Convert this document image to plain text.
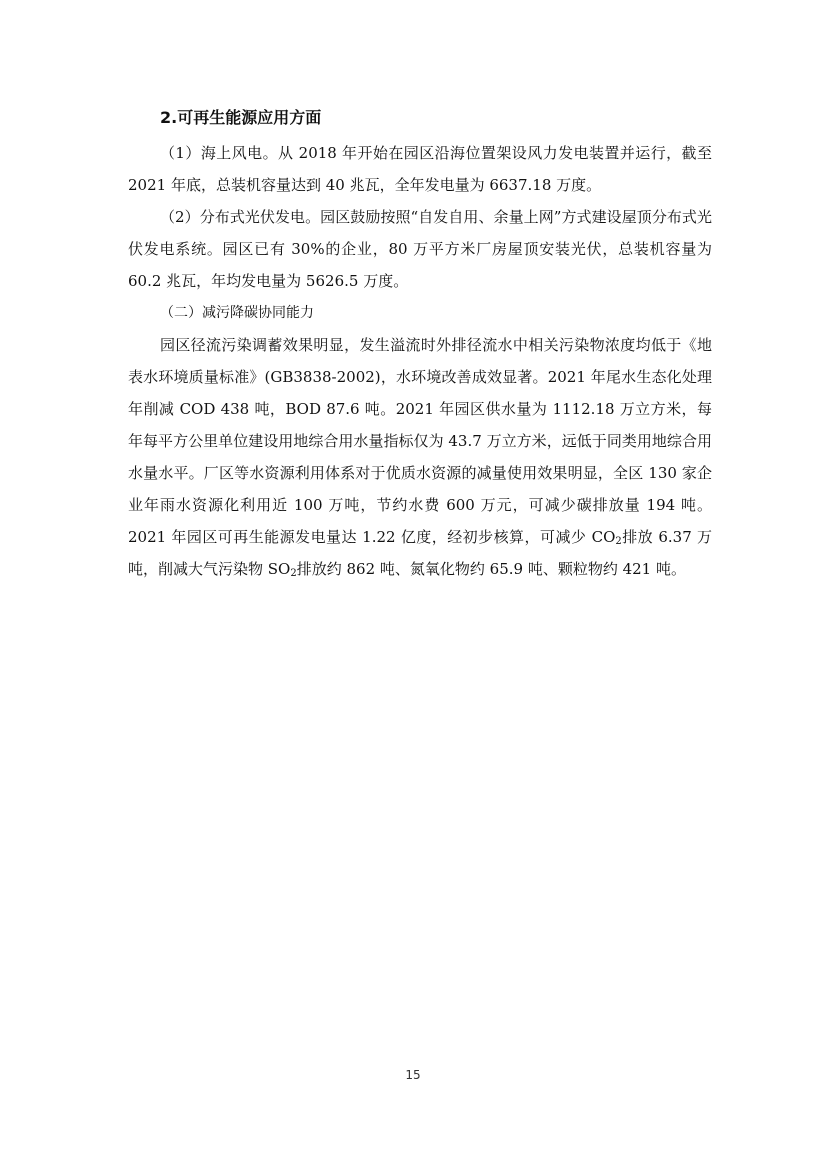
2.可再生能源应用方面

（1）海上风电。从 2018 年开始在园区沿海位置架设风力发电装置并运行，截至 2021 年底，总装机容量达到 40 兆瓦，全年发电量为 6637.18 万度。

（2）分布式光伏发电。园区鼓励按照“自发自用、余量上网”方式建设屋顶分布式光伏发电系统。园区已有 30%的企业，80 万平方米厂房屋顶安装光伏，总装机容量为 60.2 兆瓦，年均发电量为 5626.5 万度。

（二）减污降碳协同能力

园区径流污染调蓄效果明显，发生溢流时外排径流水中相关污染物浓度均低于《地表水环境质量标准》(GB3838-2002)，水环境改善成效显著。2021 年尾水生态化处理年削减 COD 438 吨，BOD 87.6 吨。2021 年园区供水量为 1112.18 万立方米，每年每平方公里单位建设用地综合用水量指标仅为 43.7 万立方米，远低于同类用地综合用水量水平。厂区等水资源利用体系对于优质水资源的减量使用效果明显，全区 130 家企业年雨水资源化利用近 100 万吨，节约水费 600 万元，可减少碳排放量 194 吨。2021 年园区可再生能源发电量达 1.22 亿度，经初步核算，可减少 $CO_2$排放 6.37 万吨，削减大气污染物 $SO_2$排放约 862 吨、氮氧化物约 65.9 吨、颗粒物约 421 吨。

15
